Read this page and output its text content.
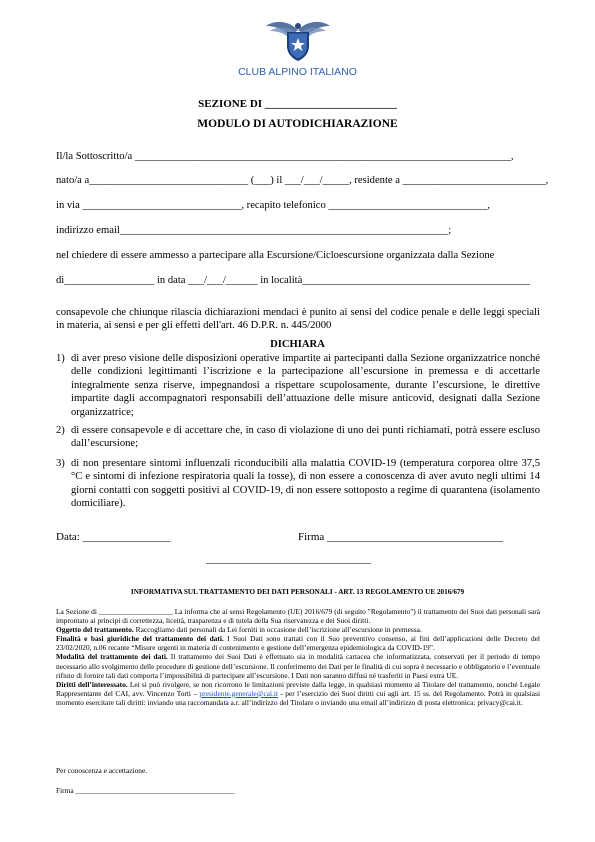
CLUB ALPINO ITALIANO
SEZIONE DI ________________________
MODULO DI AUTODICHIARAZIONE
Il/la Sottoscritto/a _______________________________________________________________________,
nato/a a______________________________ (___) il ___/___/_____, residente a ___________________________,
in via ______________________________, recapito telefonico ______________________________,
indirizzo email______________________________________________________________;
nel chiedere di essere ammesso a partecipare alla Escursione/Cicloescursione organizzata dalla Sezione
di_________________ in data ___/___/______ in località___________________________________________
consapevole che chiunque rilascia dichiarazioni mendaci è punito ai sensi del codice penale e delle leggi speciali in materia, ai sensi e per gli effetti dell'art. 46 D.P.R. n. 445/2000
DICHIARA
1) di aver preso visione delle disposizioni operative impartite ai partecipanti dalla Sezione organizzatrice nonché delle condizioni legittimanti l’iscrizione e la partecipazione all’escursione in premessa e di accettarle integralmente senza riserve, impegnandosi a rispettare scupolosamente, durante l’escursione, le direttive impartite dagli accompagnatori responsabili dell’attuazione delle misure anticovid, designati dalla Sezione organizzatrice;
2) di essere consapevole e di accettare che, in caso di violazione di uno dei punti richiamati, potrà essere escluso dall’escursione;
3) di non presentare sintomi influenzali riconducibili alla malattia COVID-19 (temperatura corporea oltre 37,5 °C e sintomi di infezione respiratoria quali la tosse), di non essere a conoscenza di aver avuto negli ultimi 14 giorni contatti con soggetti positivi al COVID-19, di non essere sottoposto a regime di quarantena (isolamento domiciliare).
Data: ________________	Firma ________________________________
______________________________
INFORMATIVA SUL TRATTAMENTO DEI DATI PERSONALI - ART. 13 REGOLAMENTO UE 2016/679
La Sezione di ____________________ La informa che ai sensi Regolamento (UE) 2016/679 (di seguito "Regolamento") il trattamento dei Suoi dati personali sarà improntato ai principi di correttezza, liceità, trasparenza e di tutela della Sua riservatezza e dei Suoi diritti.
Oggetto del trattamento. Raccogliamo dati personali da Lei forniti in occasione dell’iscrizione all’escursione in premessa.
Finalità e basi giuridiche del trattamento dei dati. I Suoi Dati sono trattati con il Suo preventivo consenso, ai fini dell’applicazioni delle Decreto del 23/02/2020, n.06 recante “Misure urgenti in materia di contenimento e gestione dell’emergenza epidemiologica da COVID-19”.
Modalità del trattamento dei dati. Il trattamento dei Suoi Dati è effettuato sia in modalità cartacea che informatizzata, conservati per il periodo di tempo necessario allo svolgimento delle procedure di gestione dell’escursione. Il conferimento dei Dati per le finalità di cui sopra è necessario e obbligatorio e l’eventuale rifiuto di fornire tali dati comporta l’impossibilità di partecipare all’escursione. I Dati non saranno diffusi né trasferiti in Paesi extra UE.
Diritti dell’interessato. Lei si può rivolgere, se non ricorrono le limitazioni previste dalla legge, in qualsiasi momento al Titolare del trattamento, nonché Legale Rappresentante del CAI, avv. Vincenzo Torti – presidente.generale@cai.it - per l’esercizio dei Suoi diritti cui agli art. 15 ss. del Regolamento. Potrà in qualsiasi momento esercitare tali diritti: inviando una raccomandata a.r. all’indirizzo del Titolare o inviando una email all’indirizzo di posta elettronica: privacy@cai.it.
Per conoscenza e accettazione.
Firma ___________________________________________
